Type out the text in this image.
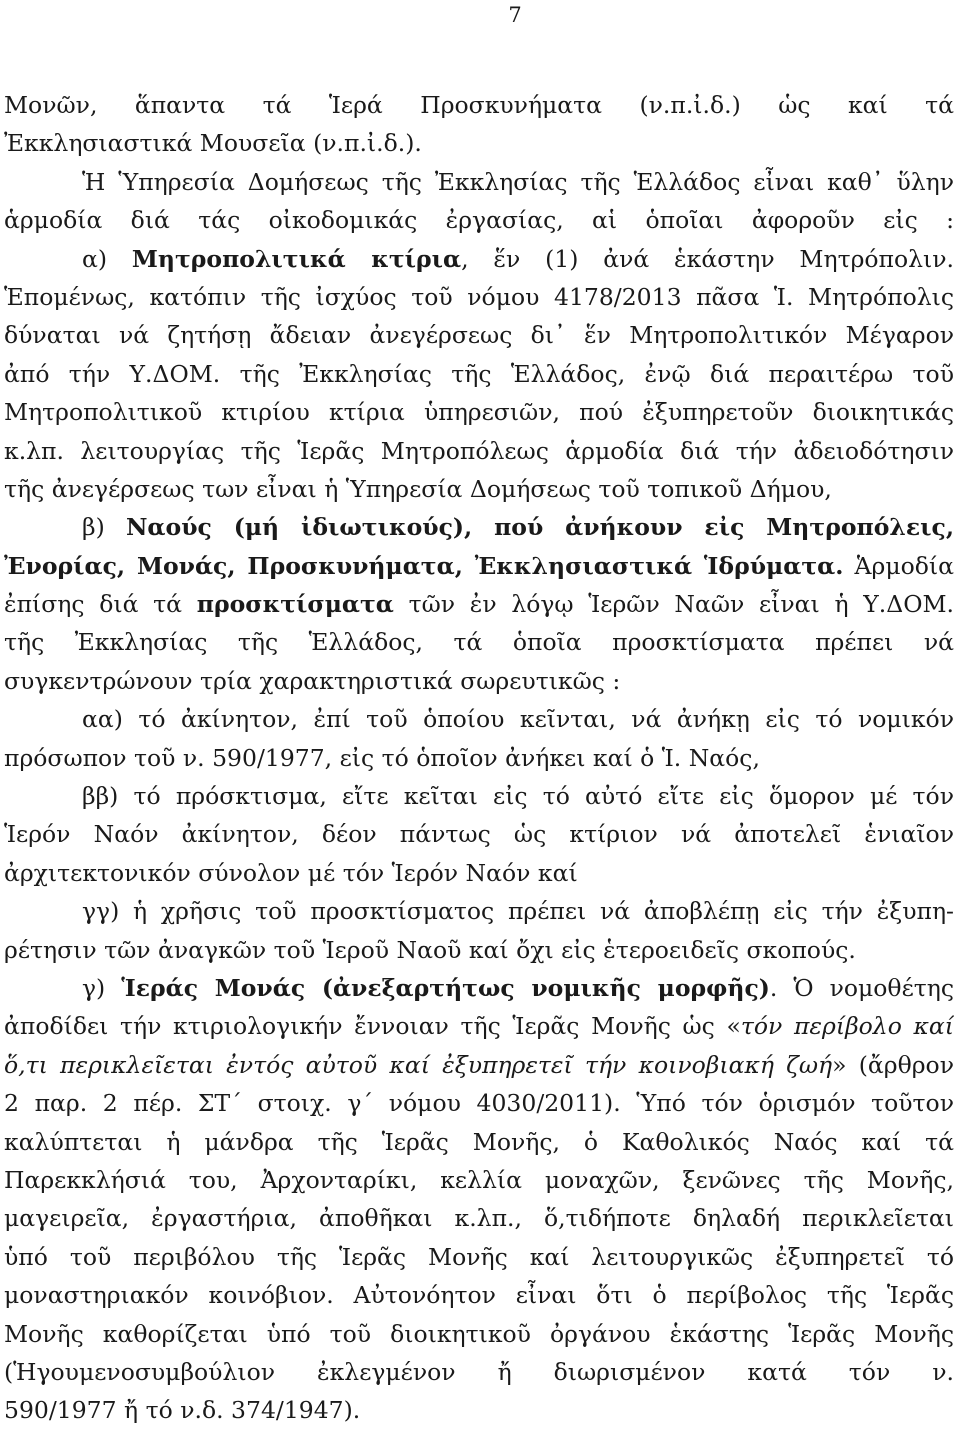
7
Μονῶν, ἅπαντα τά Ἱερά Προσκυνήματα (ν.π.ἰ.δ.) ὡς καί τά
Ἐκκλησιαστικά Μουσεῖα (ν.π.ἰ.δ.).
Ἡ Ὑπηρεσία Δομήσεως τῆς Ἐκκλησίας τῆς Ἑλλάδος εἶναι καθ᾽ ὕλην
ἁρμοδία διά τάς οἰκοδομικάς ἐργασίας, αἱ ὁποῖαι ἀφοροῦν εἰς :
α) Μητροπολιτικά κτίρια, ἕν (1) ἀνά ἑκάστην Μητρόπολιν.
Ἑπομένως, κατόπιν τῆς ἰσχύος τοῦ νόμου 4178/2013 πᾶσα Ἱ. Μητρόπολις
δύναται νά ζητήσῃ ἄδειαν ἀνεγέρσεως δι᾽ ἕν Μητροπολιτικόν Μέγαρον
ἀπό τήν Υ.ΔΟΜ. τῆς Ἐκκλησίας τῆς Ἑλλάδος, ἐνῷ διά περαιτέρω τοῦ
Μητροπολιτικοῦ κτιρίου κτίρια ὑπηρεσιῶν, πού ἐξυπηρετοῦν διοικητικάς
κ.λπ. λειτουργίας τῆς Ἱερᾶς Μητροπόλεως ἁρμοδία διά τήν ἀδειοδότησιν
τῆς ἀνεγέρσεως των εἶναι ἡ Ὑπηρεσία Δομήσεως τοῦ τοπικοῦ Δήμου,
β) Ναούς (μή ἰδιωτικούς), πού ἀνήκουν εἰς Μητροπόλεις,
Ἐνορίας, Μονάς, Προσκυνήματα, Ἐκκλησιαστικά Ἱδρύματα. Ἁρμοδία
ἐπίσης διά τά προσκτίσματα τῶν ἐν λόγῳ Ἱερῶν Ναῶν εἶναι ἡ Υ.ΔΟΜ.
τῆς Ἐκκλησίας τῆς Ἑλλάδος, τά ὁποῖα προσκτίσματα πρέπει νά
συγκεντρώνουν τρία χαρακτηριστικά σωρευτικῶς :
αα) τό ἀκίνητον, ἐπί τοῦ ὁποίου κεῖνται, νά ἀνήκῃ εἰς τό νομικόν
πρόσωπον τοῦ ν. 590/1977, εἰς τό ὁποῖον ἀνήκει καί ὁ Ἱ. Ναός,
ββ) τό πρόσκτισμα, εἴτε κεῖται εἰς τό αὐτό εἴτε εἰς ὅμορον μέ τόν
Ἱερόν Ναόν ἀκίνητον, δέον πάντως ὡς κτίριον νά ἀποτελεῖ ἑνιαῖον
ἀρχιτεκτονικόν σύνολον μέ τόν Ἱερόν Ναόν καί
γγ) ἡ χρῆσις τοῦ προσκτίσματος πρέπει νά ἀποβλέπῃ εἰς τήν ἐξυπη-
ρέτησιν τῶν ἀναγκῶν τοῦ Ἱεροῦ Ναοῦ καί ὄχι εἰς ἑτεροειδεῖς σκοπούς.
γ) Ἱεράς Μονάς (ἀνεξαρτήτως νομικῆς μορφῆς). Ὁ νομοθέτης
ἀποδίδει τήν κτιριολογικήν ἔννοιαν τῆς Ἱερᾶς Μονῆς ὡς «τόν περίβολο καί
ὅ,τι περικλεῖεται ἐντός αὐτοῦ καί ἐξυπηρετεῖ τήν κοινοβιακή ζωή» (ἄρθρον
2 παρ. 2 πέρ. ΣΤ΄ στοιχ. γ΄ νόμου 4030/2011). Ὑπό τόν ὁρισμόν τοῦτον
καλύπτεται ἡ μάνδρα τῆς Ἱερᾶς Μονῆς, ὁ Καθολικός Ναός καί τά
Παρεκκλήσιά του, Ἀρχονταρίκι, κελλία μοναχῶν, ξενῶνες τῆς Μονῆς,
μαγειρεῖα, ἐργαστήρια, ἀποθῆκαι κ.λπ., ὅ,τιδήποτε δηλαδή περικλεῖεται
ὑπό τοῦ περιβόλου τῆς Ἱερᾶς Μονῆς καί λειτουργικῶς ἐξυπηρετεῖ τό
μοναστηριακόν κοινόβιον. Αὐτονόητον εἶναι ὅτι ὁ περίβολος τῆς Ἱερᾶς
Μονῆς καθορίζεται ὑπό τοῦ διοικητικοῦ ὀργάνου ἑκάστης Ἱερᾶς Μονῆς
(Ἡγουμενοσυμβούλιον ἐκλεγμένον ἤ διωρισμένον κατά τόν ν.
590/1977 ἤ τό ν.δ. 374/1947).
